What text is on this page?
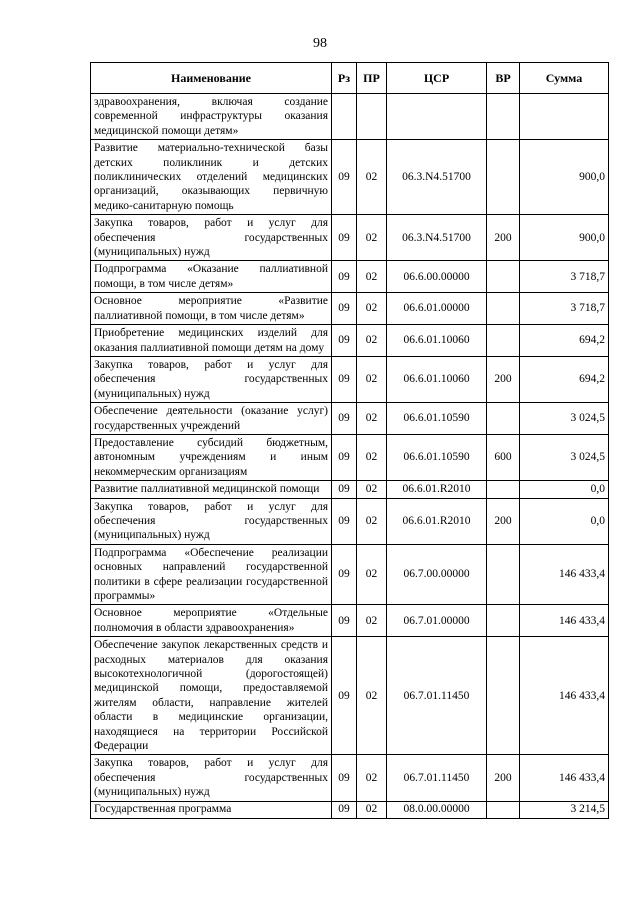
98
Наименование	Рз	ПР	ЦСР	ВР	Сумма
здравоохранения, включая создание современной инфраструктуры оказания медицинской помощи детям»					
Развитие материально-технической базы детских поликлиник и детских поликлинических отделений медицинских организаций, оказывающих первичную медико-санитарную помощь	09	02	06.3.N4.51700		900,0
Закупка товаров, работ и услуг для обеспечения государственных (муниципальных) нужд	09	02	06.3.N4.51700	200	900,0
Подпрограмма «Оказание паллиативной помощи, в том числе детям»	09	02	06.6.00.00000		3 718,7
Основное мероприятие «Развитие паллиативной помощи, в том числе детям»	09	02	06.6.01.00000		3 718,7
Приобретение медицинских изделий для оказания паллиативной помощи детям на дому	09	02	06.6.01.10060		694,2
Закупка товаров, работ и услуг для обеспечения государственных (муниципальных) нужд	09	02	06.6.01.10060	200	694,2
Обеспечение деятельности (оказание услуг) государственных учреждений	09	02	06.6.01.10590		3 024,5
Предоставление субсидий бюджетным, автономным учреждениям и иным некоммерческим организациям	09	02	06.6.01.10590	600	3 024,5
Развитие паллиативной медицинской помощи	09	02	06.6.01.R2010		0,0
Закупка товаров, работ и услуг для обеспечения государственных (муниципальных) нужд	09	02	06.6.01.R2010	200	0,0
Подпрограмма «Обеспечение реализации основных направлений государственной политики в сфере реализации государственной программы»	09	02	06.7.00.00000		146 433,4
Основное мероприятие «Отдельные полномочия в области здравоохранения»	09	02	06.7.01.00000		146 433,4
Обеспечение закупок лекарственных средств и расходных материалов для оказания высокотехнологичной (дорогостоящей) медицинской помощи, предоставляемой жителям области, направление жителей области в медицинские организации, находящиеся на территории Российской Федерации	09	02	06.7.01.11450		146 433,4
Закупка товаров, работ и услуг для обеспечения государственных (муниципальных) нужд	09	02	06.7.01.11450	200	146 433,4
Государственная программа	09	02	08.0.00.00000		3 214,5
